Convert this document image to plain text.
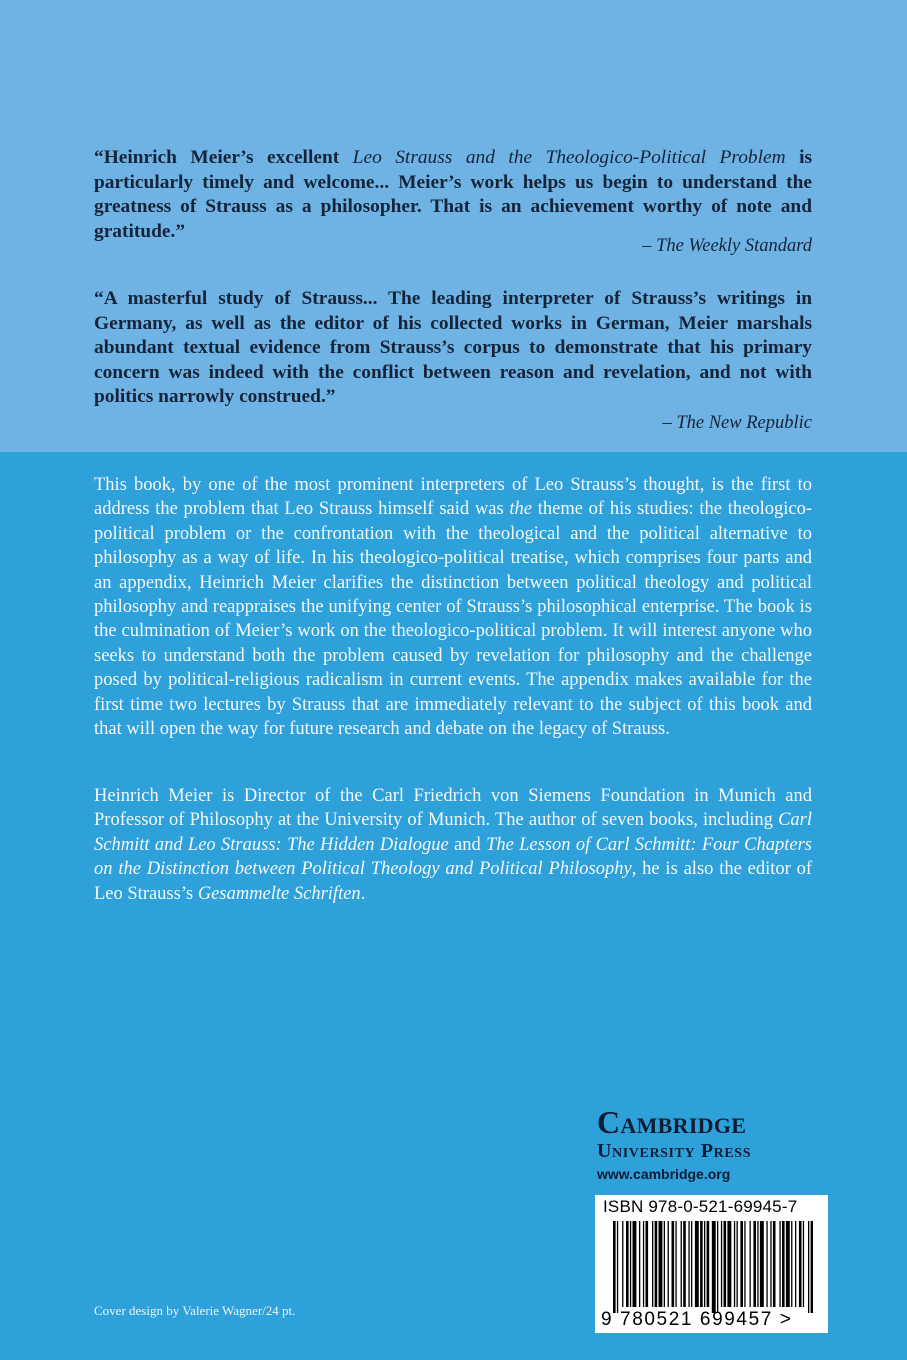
“Heinrich Meier’s excellent Leo Strauss and the Theologico-Political Problem is particularly timely and welcome... Meier’s work helps us begin to understand the greatness of Strauss as a philosopher. That is an achievement worthy of note and gratitude.”
– The Weekly Standard
“A masterful study of Strauss... The leading interpreter of Strauss’s writings in Germany, as well as the editor of his collected works in German, Meier marshals abundant textual evidence from Strauss’s corpus to demonstrate that his primary concern was indeed with the conflict between reason and revelation, and not with politics narrowly construed.”
– The New Republic
This book, by one of the most prominent interpreters of Leo Strauss’s thought, is the first to address the problem that Leo Strauss himself said was the theme of his studies: the theologico-political problem or the confrontation with the theological and the political alternative to philosophy as a way of life. In his theologico-political treatise, which comprises four parts and an appendix, Heinrich Meier clarifies the distinction between political theology and political philosophy and reappraises the unifying center of Strauss’s philosophical enterprise. The book is the culmination of Meier’s work on the theologico-political problem. It will interest anyone who seeks to understand both the problem caused by revelation for philosophy and the challenge posed by political-religious radicalism in current events. The appendix makes available for the first time two lectures by Strauss that are immediately relevant to the subject of this book and that will open the way for future research and debate on the legacy of Strauss.
Heinrich Meier is Director of the Carl Friedrich von Siemens Foundation in Munich and Professor of Philosophy at the University of Munich. The author of seven books, including Carl Schmitt and Leo Strauss: The Hidden Dialogue and The Lesson of Carl Schmitt: Four Chapters on the Distinction between Political Theology and Political Philosophy, he is also the editor of Leo Strauss’s Gesammelte Schriften.
Cambridge
University Press
www.cambridge.org
ISBN 978-0-521-69945-7
9 780521 699457 >
Cover design by Valerie Wagner/24 pt.
